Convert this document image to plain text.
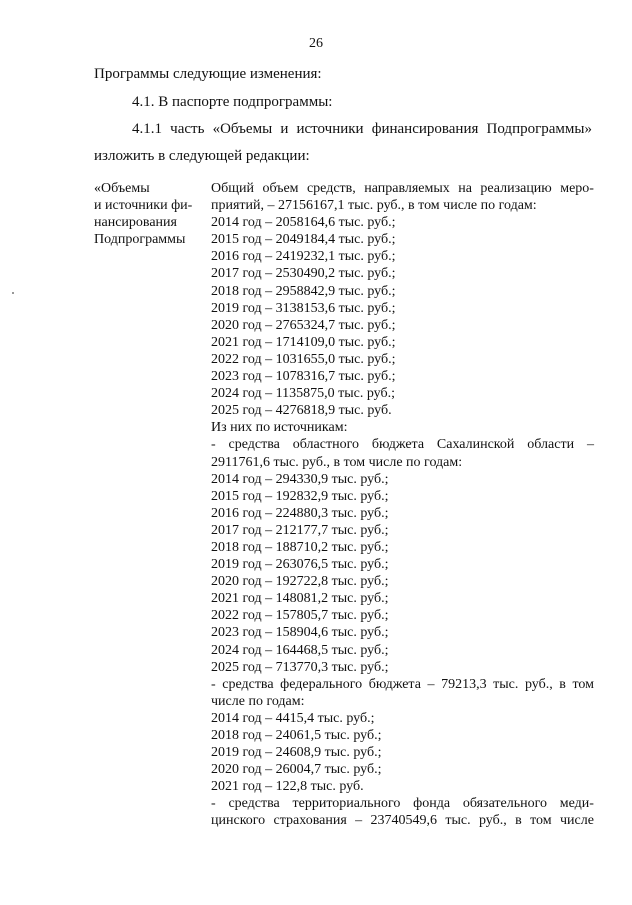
26
Программы следующие изменения:
4.1. В паспорте подпрограммы:
4.1.1 часть «Объемы и источники финансирования Подпрограммы»
изложить в следующей редакции:
«Объемы
и источники фи-
нансирования
Подпрограммы
Общий объем средств, направляемых на реализацию меро-
приятий, – 27156167,1 тыс. руб., в том числе по годам:
2014 год – 2058164,6 тыс. руб.;
2015 год – 2049184,4 тыс. руб.;
2016 год – 2419232,1 тыс. руб.;
2017 год – 2530490,2 тыс. руб.;
2018 год – 2958842,9 тыс. руб.;
2019 год – 3138153,6 тыс. руб.;
2020 год – 2765324,7 тыс. руб.;
2021 год – 1714109,0 тыс. руб.;
2022 год – 1031655,0 тыс. руб.;
2023 год – 1078316,7 тыс. руб.;
2024 год – 1135875,0 тыс. руб.;
2025 год – 4276818,9 тыс. руб.
Из них по источникам:
- средства областного бюджета Сахалинской области –
2911761,6 тыс. руб., в том числе по годам:
2014 год – 294330,9 тыс. руб.;
2015 год – 192832,9 тыс. руб.;
2016 год – 224880,3 тыс. руб.;
2017 год – 212177,7 тыс. руб.;
2018 год – 188710,2 тыс. руб.;
2019 год – 263076,5 тыс. руб.;
2020 год – 192722,8 тыс. руб.;
2021 год – 148081,2 тыс. руб.;
2022 год – 157805,7 тыс. руб.;
2023 год – 158904,6 тыс. руб.;
2024 год – 164468,5 тыс. руб.;
2025 год – 713770,3 тыс. руб.;
- средства федерального бюджета – 79213,3 тыс. руб., в том
числе по годам:
2014 год – 4415,4 тыс. руб.;
2018 год – 24061,5 тыс. руб.;
2019 год – 24608,9 тыс. руб.;
2020 год – 26004,7 тыс. руб.;
2021 год – 122,8 тыс. руб.
- средства территориального фонда обязательного меди-
цинского страхования – 23740549,6 тыс. руб., в том числе
